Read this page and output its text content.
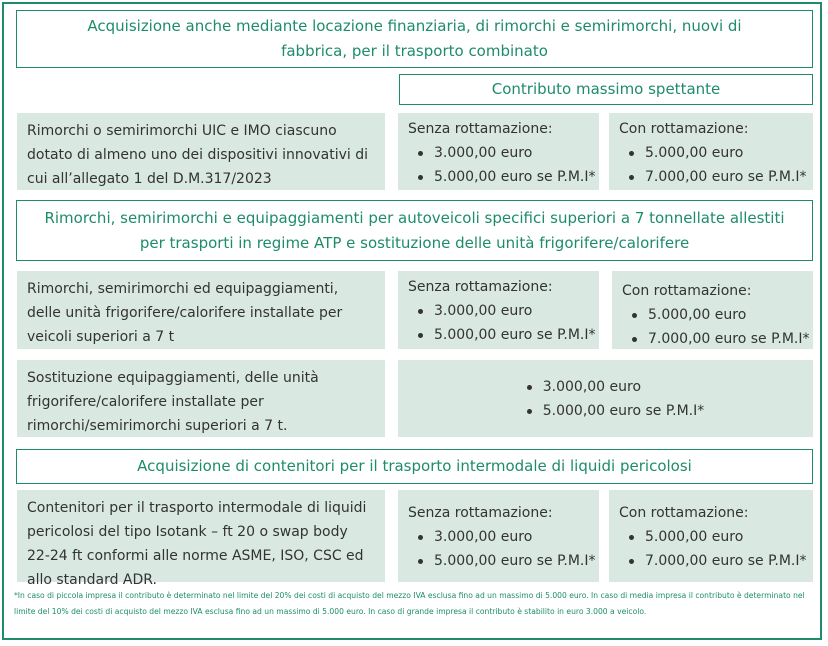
Acquisizione anche mediante locazione finanziaria, di rimorchi e semirimorchi, nuovi di fabbrica, per il trasporto combinato
Contributo massimo spettante
Rimorchi o semirimorchi UIC e IMO ciascuno dotato di almeno uno dei dispositivi innovativi di cui all’allegato 1 del D.M.317/2023
Senza rottamazione:
3.000,00 euro
5.000,00 euro se P.M.I*
Con rottamazione:
5.000,00 euro
7.000,00 euro se P.M.I*
Rimorchi, semirimorchi e equipaggiamenti per autoveicoli specifici superiori a 7 tonnellate allestiti per trasporti in regime ATP e sostituzione delle unità frigorifere/calorifere
Rimorchi, semirimorchi ed equipaggiamenti, delle unità frigorifere/calorifere installate per veicoli superiori a 7 t
Senza rottamazione:
3.000,00 euro
5.000,00 euro se P.M.I*
Con rottamazione:
5.000,00 euro
7.000,00 euro se P.M.I*
Sostituzione equipaggiamenti, delle unità frigorifere/calorifere installate per rimorchi/semirimorchi superiori a 7 t.
3.000,00 euro
5.000,00 euro se P.M.I*
Acquisizione di contenitori per il trasporto intermodale di liquidi pericolosi
Contenitori per il trasporto intermodale di liquidi pericolosi del tipo Isotank – ft 20 o swap body 22-24 ft conformi alle norme ASME, ISO, CSC ed allo standard ADR.
Senza rottamazione:
3.000,00 euro
5.000,00 euro se P.M.I*
Con rottamazione:
5.000,00 euro
7.000,00 euro se P.M.I*
*In caso di piccola impresa il contributo è determinato nel limite del 20% dei costi di acquisto del mezzo IVA esclusa fino ad un massimo di 5.000 euro. In caso di media impresa il contributo è determinato nel limite del 10% dei costi di acquisto del mezzo IVA esclusa fino ad un massimo di 5.000 euro. In caso di grande impresa il contributo è stabilito in euro 3.000 a veicolo.
